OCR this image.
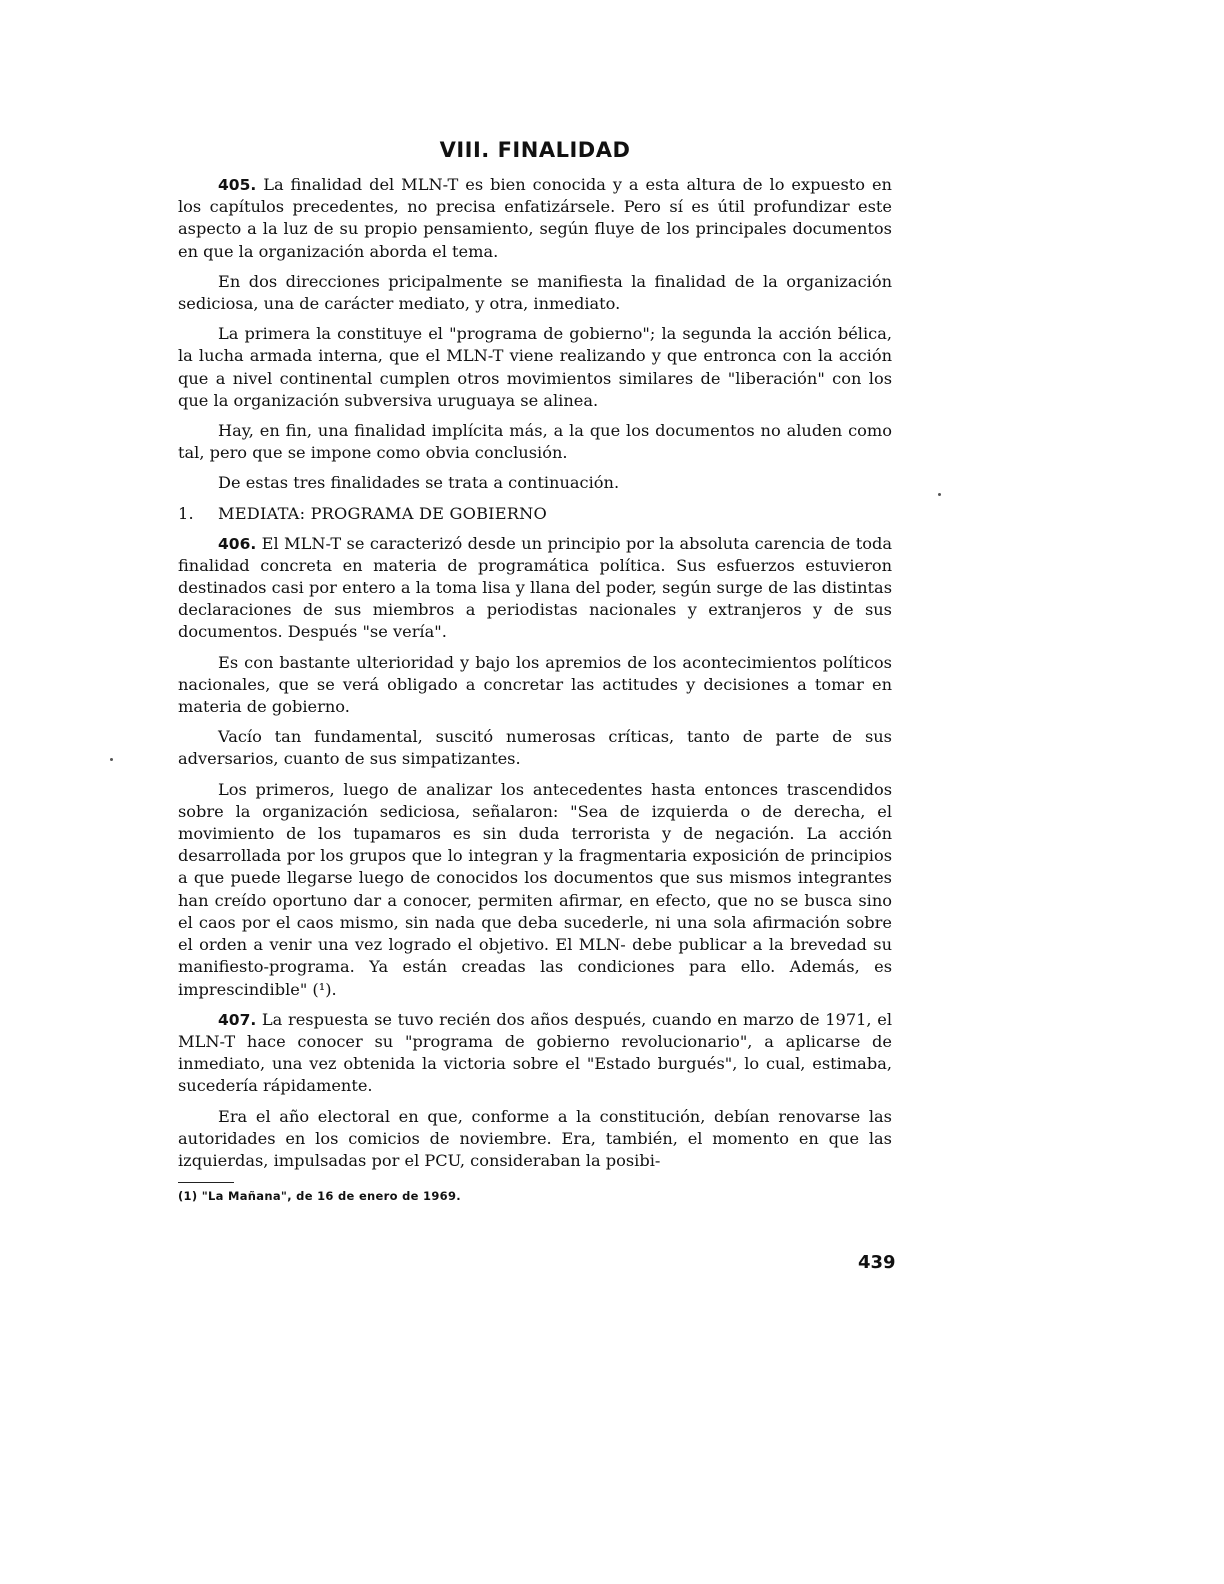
VIII. FINALIDAD

405. La finalidad del MLN-T es bien conocida y a esta altura de lo expuesto en los capítulos precedentes, no precisa enfatizársele. Pero sí es útil profundizar este aspecto a la luz de su propio pensamiento, según fluye de los principales documentos en que la organización aborda el tema.

En dos direcciones pricipalmente se manifiesta la finalidad de la organización sediciosa, una de carácter mediato, y otra, inmediato.

La primera la constituye el "programa de gobierno"; la segunda la acción bélica, la lucha armada interna, que el MLN-T viene realizando y que entronca con la acción que a nivel continental cumplen otros movimientos similares de "liberación" con los que la organización subversiva uruguaya se alinea.

Hay, en fin, una finalidad implícita más, a la que los documentos no aluden como tal, pero que se impone como obvia conclusión.

De estas tres finalidades se trata a continuación.

1. MEDIATA: PROGRAMA DE GOBIERNO

406. El MLN-T se caracterizó desde un principio por la absoluta carencia de toda finalidad concreta en materia de programática política. Sus esfuerzos estuvieron destinados casi por entero a la toma lisa y llana del poder, según surge de las distintas declaraciones de sus miembros a periodistas nacionales y extranjeros y de sus documentos. Después "se vería".

Es con bastante ulterioridad y bajo los apremios de los acontecimientos políticos nacionales, que se verá obligado a concretar las actitudes y decisiones a tomar en materia de gobierno.

Vacío tan fundamental, suscitó numerosas críticas, tanto de parte de sus adversarios, cuanto de sus simpatizantes.

Los primeros, luego de analizar los antecedentes hasta entonces trascendidos sobre la organización sediciosa, señalaron: "Sea de izquierda o de derecha, el movimiento de los tupamaros es sin duda terrorista y de negación. La acción desarrollada por los grupos que lo integran y la fragmentaria exposición de principios a que puede llegarse luego de conocidos los documentos que sus mismos integrantes han creído oportuno dar a conocer, permiten afirmar, en efecto, que no se busca sino el caos por el caos mismo, sin nada que deba sucederle, ni una sola afirmación sobre el orden a venir una vez logrado el objetivo. El MLN- debe publicar a la brevedad su manifiesto-programa. Ya están creadas las condiciones para ello. Además, es imprescindible" (¹).

407. La respuesta se tuvo recién dos años después, cuando en marzo de 1971, el MLN-T hace conocer su "programa de gobierno revolucionario", a aplicarse de inmediato, una vez obtenida la victoria sobre el "Estado burgués", lo cual, estimaba, sucedería rápidamente.

Era el año electoral en que, conforme a la constitución, debían renovarse las autoridades en los comicios de noviembre. Era, también, el momento en que las izquierdas, impulsadas por el PCU, consideraban la posibi-

(1) "La Mañana", de 16 de enero de 1969.

439
